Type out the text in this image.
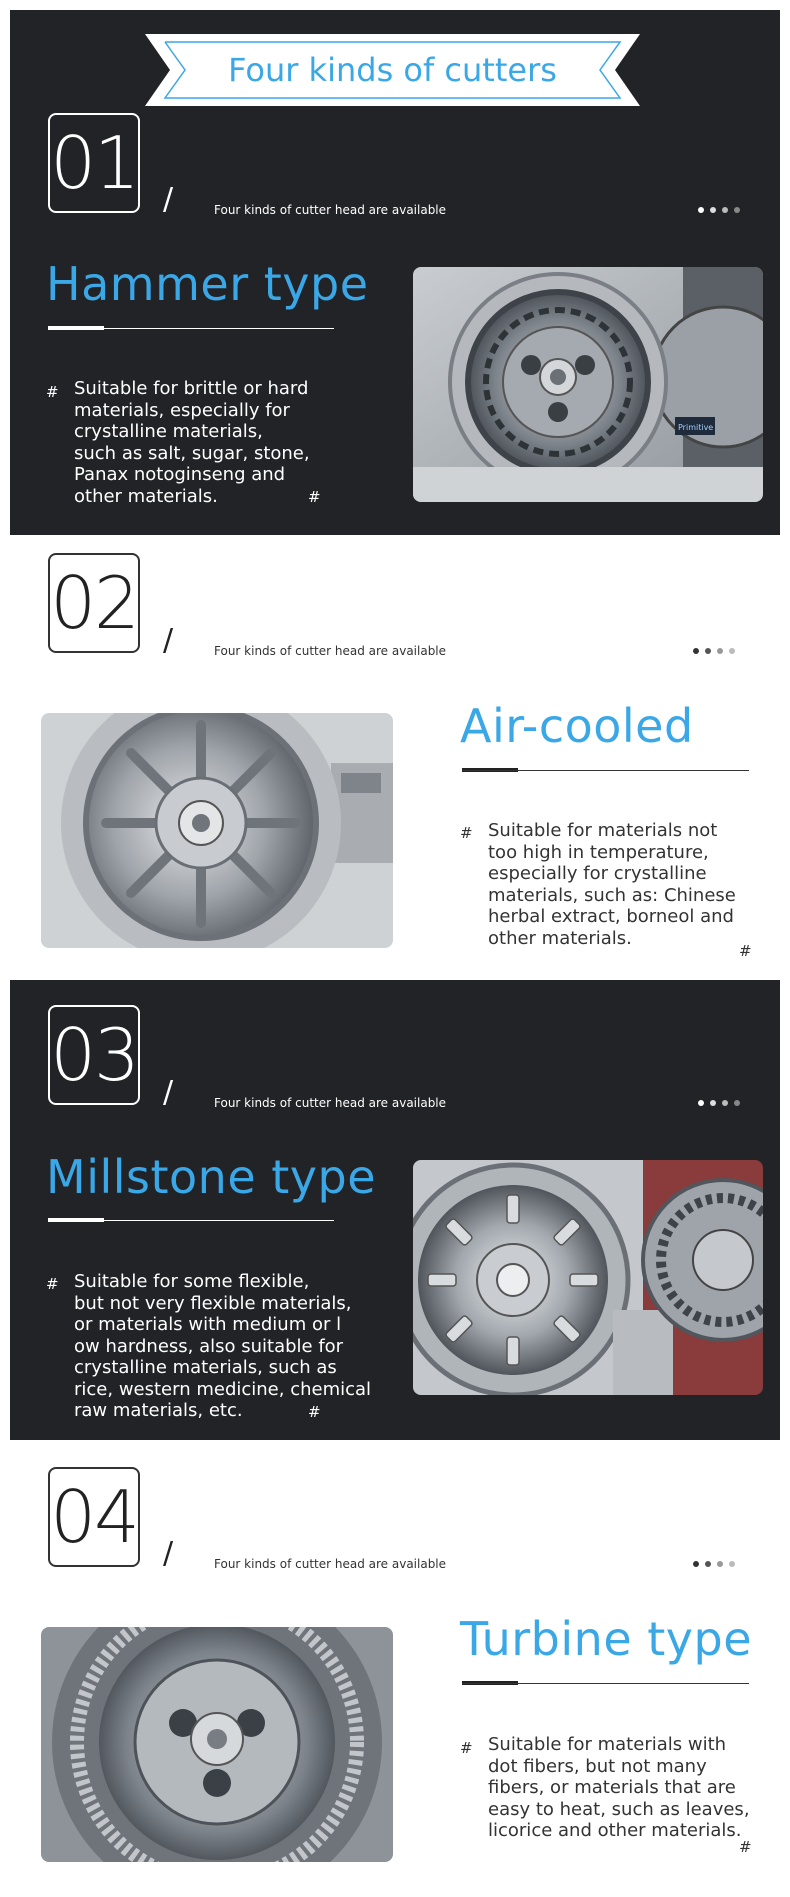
Four kinds of cutters
01 /	Four kinds of cutter head are available
Hammer type
# Suitable for brittle or hard
materials, especially for
crystalline materials,
such as salt, sugar, stone,
Panax notoginseng and
other materials.	#
Primitive
02 /	Four kinds of cutter head are available
Air-cooled
# Suitable for materials not
too high in temperature,
especially for crystalline
materials, such as: Chinese
herbal extract, borneol and
other materials.
#
03 /	Four kinds of cutter head are available
Millstone type
# Suitable for some flexible,
but not very flexible materials,
or materials with medium or l
ow hardness, also suitable for
crystalline materials, such as
rice, western medicine, chemical
raw materials, etc.	#
04 /	Four kinds of cutter head are available
Turbine type
# Suitable for materials with
dot fibers, but not many
fibers, or materials that are
easy to heat, such as leaves,
licorice and other materials.
#
